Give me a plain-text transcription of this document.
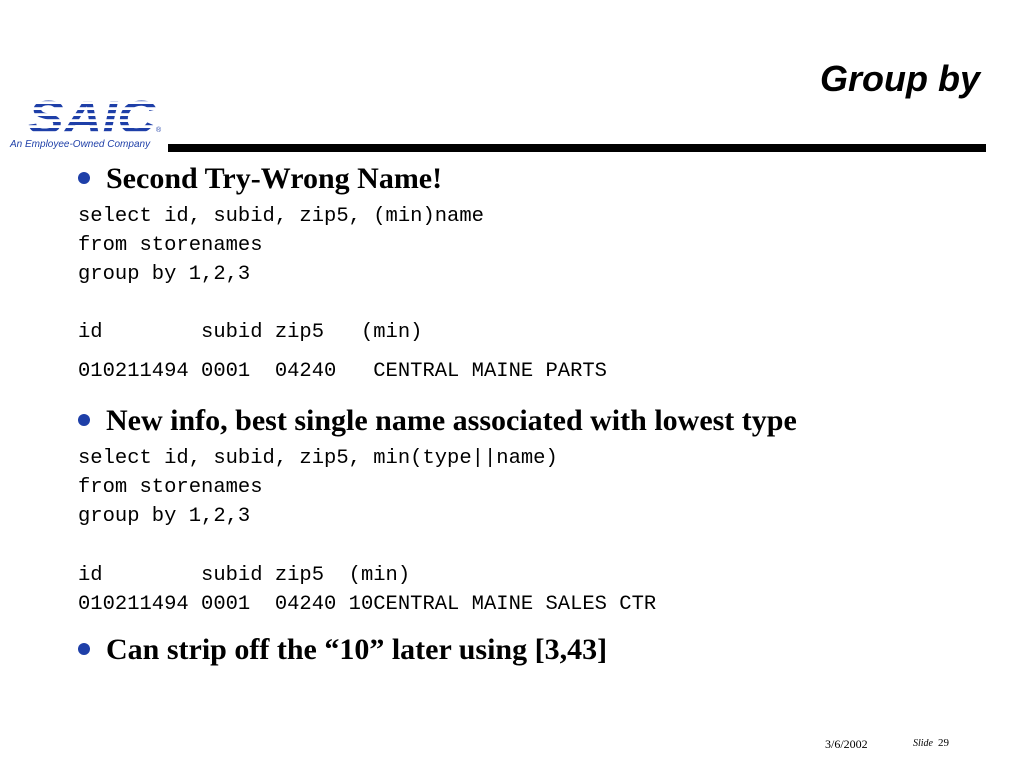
®
An Employee-Owned Company
Group by
Second Try-Wrong Name!
select id, subid, zip5, (min)name
from storenames
group by 1,2,3
id        subid zip5   (min)
010211494 0001  04240   CENTRAL MAINE PARTS
New info, best single name associated with lowest type
select id, subid, zip5, min(type||name)
from storenames
group by 1,2,3
id        subid zip5  (min)
010211494 0001  04240 10CENTRAL MAINE SALES CTR
Can strip off the “10” later using [3,43]
3/6/2002	Slide 29
